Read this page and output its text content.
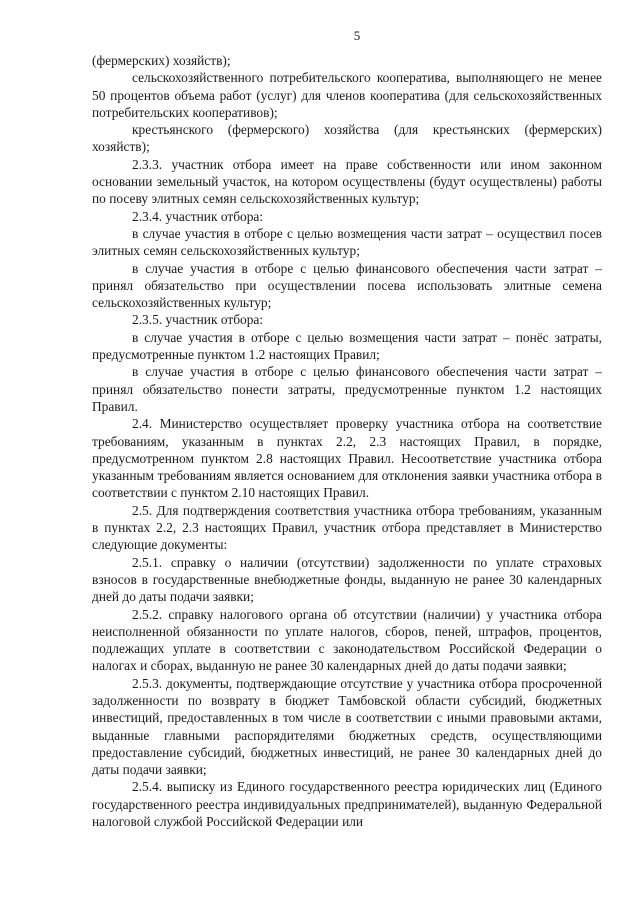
5

(фермерских) хозяйств);

сельскохозяйственного потребительского кооператива, выполняющего не менее 50 процентов объема работ (услуг) для членов кооператива (для сельскохозяйственных потребительских кооперативов);

крестьянского (фермерского) хозяйства (для крестьянских (фермерских) хозяйств);

2.3.3. участник отбора имеет на праве собственности или ином законном основании земельный участок, на котором осуществлены (будут осуществлены) работы по посеву элитных семян сельскохозяйственных культур;

2.3.4. участник отбора:

в случае участия в отборе с целью возмещения части затрат – осуществил посев элитных семян сельскохозяйственных культур;

в случае участия в отборе с целью финансового обеспечения части затрат – принял обязательство при осуществлении посева использовать элитные семена сельскохозяйственных культур;

2.3.5. участник отбора:

в случае участия в отборе с целью возмещения части затрат – понёс затраты, предусмотренные пунктом 1.2 настоящих Правил;

в случае участия в отборе с целью финансового обеспечения части затрат – принял обязательство понести затраты, предусмотренные пунктом 1.2 настоящих Правил.

2.4. Министерство осуществляет проверку участника отбора на соответствие требованиям, указанным в пунктах 2.2, 2.3 настоящих Правил, в порядке, предусмотренном пунктом 2.8 настоящих Правил. Несоответствие участника отбора указанным требованиям является основанием для отклонения заявки участника отбора в соответствии с пунктом 2.10 настоящих Правил.

2.5. Для подтверждения соответствия участника отбора требованиям, указанным в пунктах 2.2, 2.3 настоящих Правил, участник отбора представляет в Министерство следующие документы:

2.5.1. справку о наличии (отсутствии) задолженности по уплате страховых взносов в государственные внебюджетные фонды, выданную не ранее 30 календарных дней до даты подачи заявки;

2.5.2. справку налогового органа об отсутствии (наличии) у участника отбора неисполненной обязанности по уплате налогов, сборов, пеней, штрафов, процентов, подлежащих уплате в соответствии с законодательством Российской Федерации о налогах и сборах, выданную не ранее 30 календарных дней до даты подачи заявки;

2.5.3. документы, подтверждающие отсутствие у участника отбора просроченной задолженности по возврату в бюджет Тамбовской области субсидий, бюджетных инвестиций, предоставленных в том числе в соответствии с иными правовыми актами, выданные главными распорядителями бюджетных средств, осуществляющими предоставление субсидий, бюджетных инвестиций, не ранее 30 календарных дней до даты подачи заявки;

2.5.4. выписку из Единого государственного реестра юридических лиц (Единого государственного реестра индивидуальных предпринимателей), выданную Федеральной налоговой службой Российской Федерации или
